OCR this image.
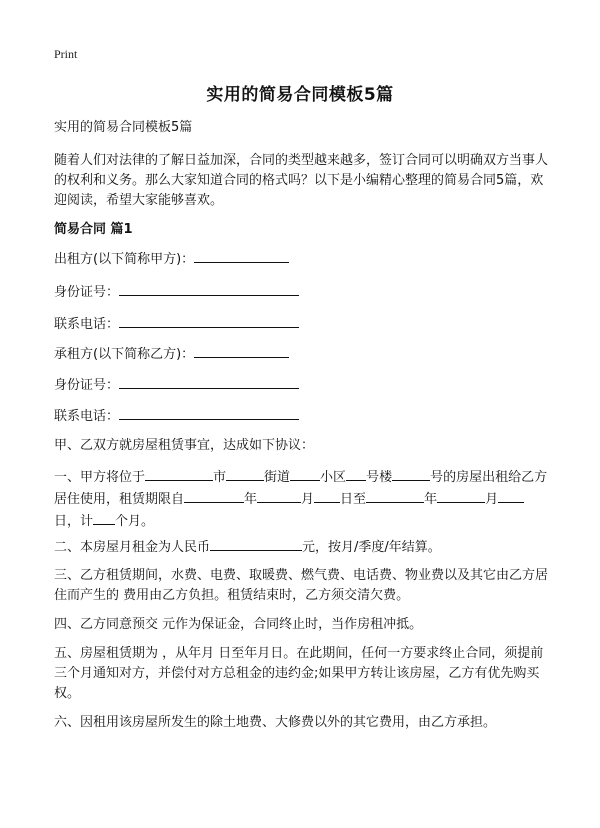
Print
实用的简易合同模板5篇
实用的简易合同模板5篇

随着人们对法律的了解日益加深，合同的类型越来越多，签订合同可以明确双方当事人的权利和义务。那么大家知道合同的格式吗？以下是小编精心整理的简易合同5篇，欢迎阅读，希望大家能够喜欢。

简易合同 篇1
出租方(以下简称甲方)：
身份证号：
联系电话：
承租方(以下简称乙方)：
身份证号：
联系电话：
甲、乙双方就房屋租赁事宜，达成如下协议：
一、甲方将位于	市	街道 小区 号楼	号的房屋出租给乙方居住使用，租赁期限自	年	月 日至	年	月日，计 个月。
二、本房屋月租金为人民币	元，按月/季度/年结算。

三、乙方租赁期间，水费、电费、取暖费、燃气费、电话费、物业费以及其它由乙方居住而产生的 费用由乙方负担。租赁结束时，乙方须交清欠费。

四、乙方同意预交 元作为保证金，合同终止时，当作房租冲抵。

五、房屋租赁期为 ，从年月 日至年月日。在此期间，任何一方要求终止合同，须提前三个月通知对方，并偿付对方总租金的违约金;如果甲方转让该房屋，乙方有优先购买权。

六、因租用该房屋所发生的除土地费、大修费以外的其它费用，由乙方承担。
